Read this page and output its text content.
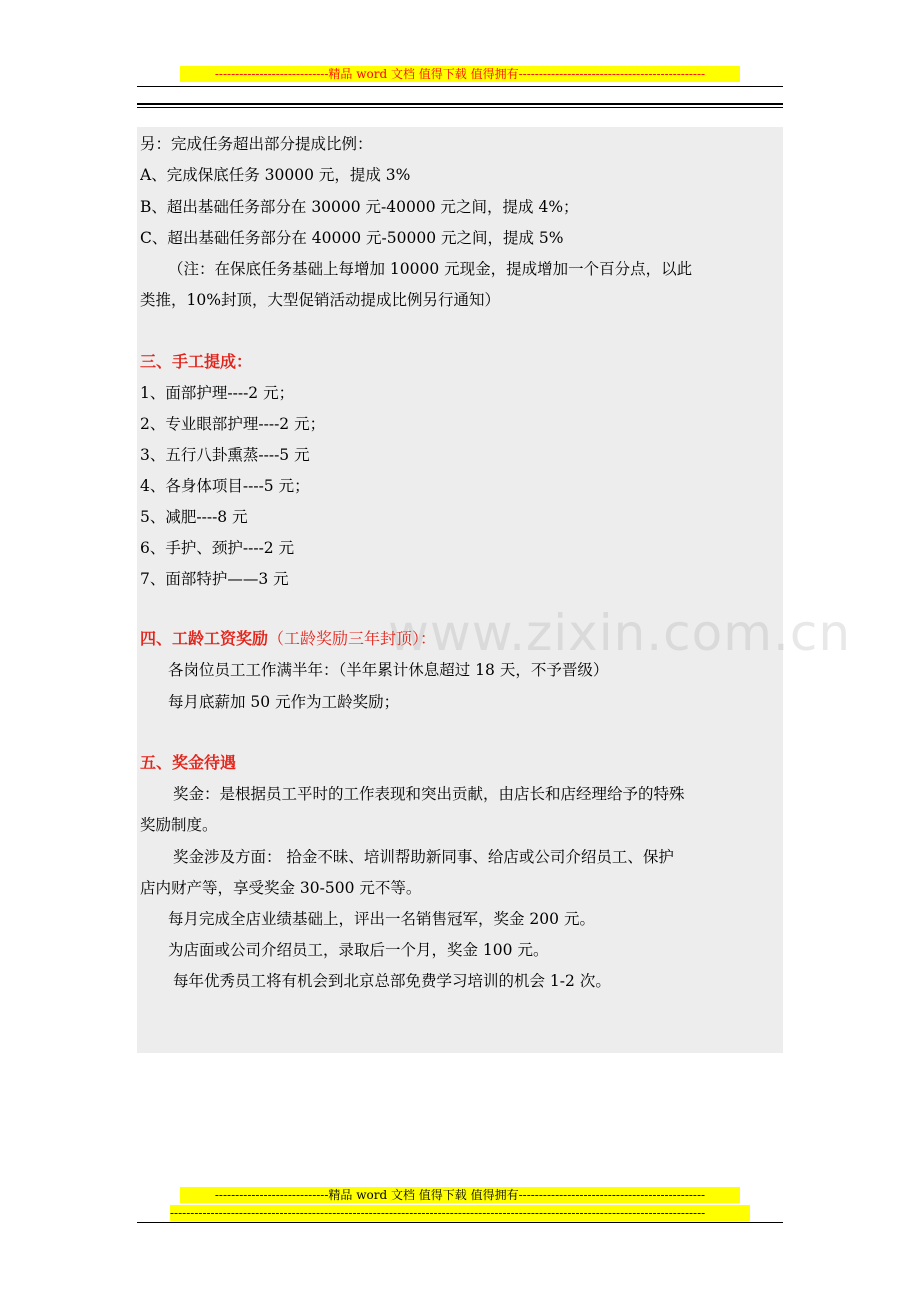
----------------------------精品 word 文档 值得下载 值得拥有----------------------------------------------
另：完成任务超出部分提成比例：
A、完成保底任务 30000 元，提成 3%
B、超出基础任务部分在 30000 元-40000 元之间，提成 4%；
C、超出基础任务部分在 40000 元-50000 元之间，提成 5%
（注：在保底任务基础上每增加 10000 元现金，提成增加一个百分点，以此
类推，10%封顶，大型促销活动提成比例另行通知）
三、手工提成：
1、面部护理----2 元；
2、专业眼部护理----2 元；
3、五行八卦熏蒸----5 元
4、各身体项目----5 元；
5、减肥----8 元
6、手护、颈护----2 元
7、面部特护——3 元
四、工龄工资奖励（工龄奖励三年封顶）：
各岗位员工工作满半年：（半年累计休息超过 18 天，不予晋级）
每月底薪加 50 元作为工龄奖励；
五、奖金待遇
奖金：是根据员工平时的工作表现和突出贡献，由店长和店经理给予的特殊
奖励制度。
奖金涉及方面： 拾金不昧、培训帮助新同事、给店或公司介绍员工、保护
店内财产等，享受奖金 30-500 元不等。
每月完成全店业绩基础上，评出一名销售冠军，奖金 200 元。
为店面或公司介绍员工，录取后一个月，奖金 100 元。
每年优秀员工将有机会到北京总部免费学习培训的机会 1-2 次。
www.zixin.com.cn
----------------------------精品 word 文档 值得下载 值得拥有----------------------------------------------
------------------------------------------------------------------------------------------------------------------------------------
